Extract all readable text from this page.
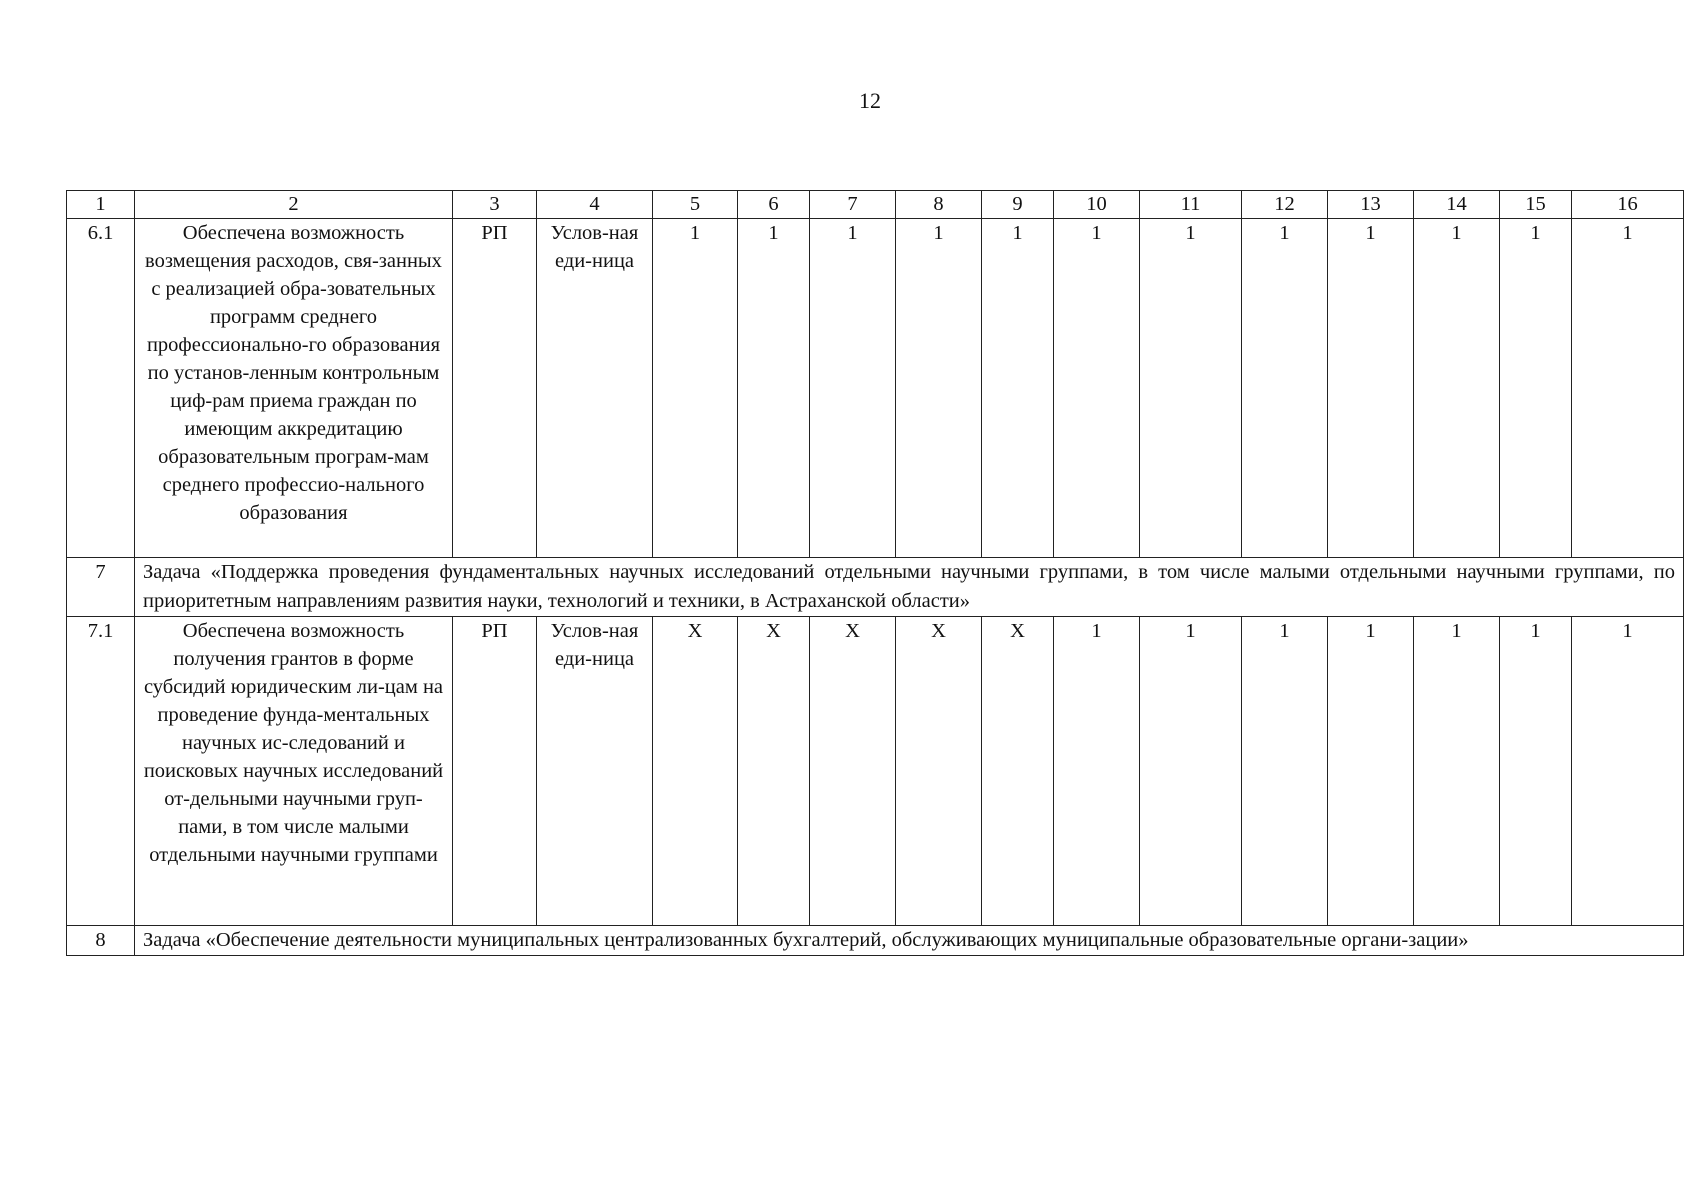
12
1	2	3	4	5	6	7	8	9	10	11	12	13	14	15	16
6.1	Обеспечена возможность возмещения расходов, свя-занных с реализацией обра-зовательных программ среднего профессионально-го образования по установ-ленным контрольным циф-рам приема граждан по имеющим аккредитацию образовательным програм-мам среднего профессио-нального образования	РП	Услов-ная еди-ница	1	1	1	1	1	1	1	1	1	1	1	1
7	Задача «Поддержка проведения фундаментальных научных исследований отдельными научными группами, в том числе малыми отдельными научными группами, по приоритетным направлениям развития науки, технологий и техники, в Астраханской области»														
7.1	Обеспечена возможность получения грантов в форме субсидий юридическим ли-цам на проведение фунда-ментальных научных ис-следований и поисковых научных исследований от-дельными научными груп-пами, в том числе малыми отдельными научными группами	РП	Услов-ная еди-ница	X	X	X	X	X	1	1	1	1	1	1	1
8	Задача «Обеспечение деятельности муниципальных централизованных бухгалтерий, обслуживающих муниципальные образовательные органи-зации»														
